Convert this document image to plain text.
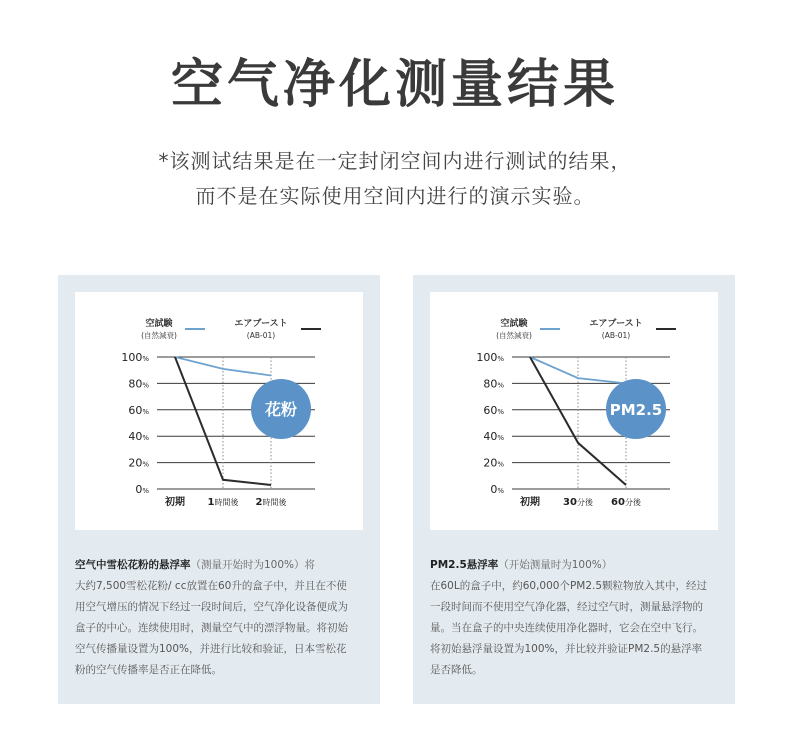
空气净化测量结果

*该测试结果是在一定封闭空间内进行测试的结果，

而不是在实际使用空间内进行的演示实验。

空試験
(自然減衰)
エアブースト
(AB-01)
100%
80%
60%
40%
20%
0%
初期 1時間後 2時間後
花粉

空气中雪松花粉的悬浮率（测量开始时为100%）将

大约7,500雪松花粉/ cc放置在60升的盒子中，并且在不使

用空气增压的情况下经过一段时间后，空气净化设备便成为

盒子的中心。连续使用时，测量空气中的漂浮物量。将初始

空气传播量设置为100%，并进行比较和验证，日本雪松花

粉的空气传播率是否正在降低。

空試験
(自然減衰)
エアブースト
(AB-01)
100%
80%
60%
40%
20%
0%
初期 30分後 60分後
PM2.5

PM2.5悬浮率（开始测量时为100%）

在60L的盒子中，约60,000个PM2.5颗粒物放入其中，经过

一段时间而不使用空气净化器，经过空气时，测量悬浮物的

量。当在盒子的中央连续使用净化器时，它会在空中飞行。

将初始悬浮量设置为100%，并比较并验证PM2.5的悬浮率

是否降低。
